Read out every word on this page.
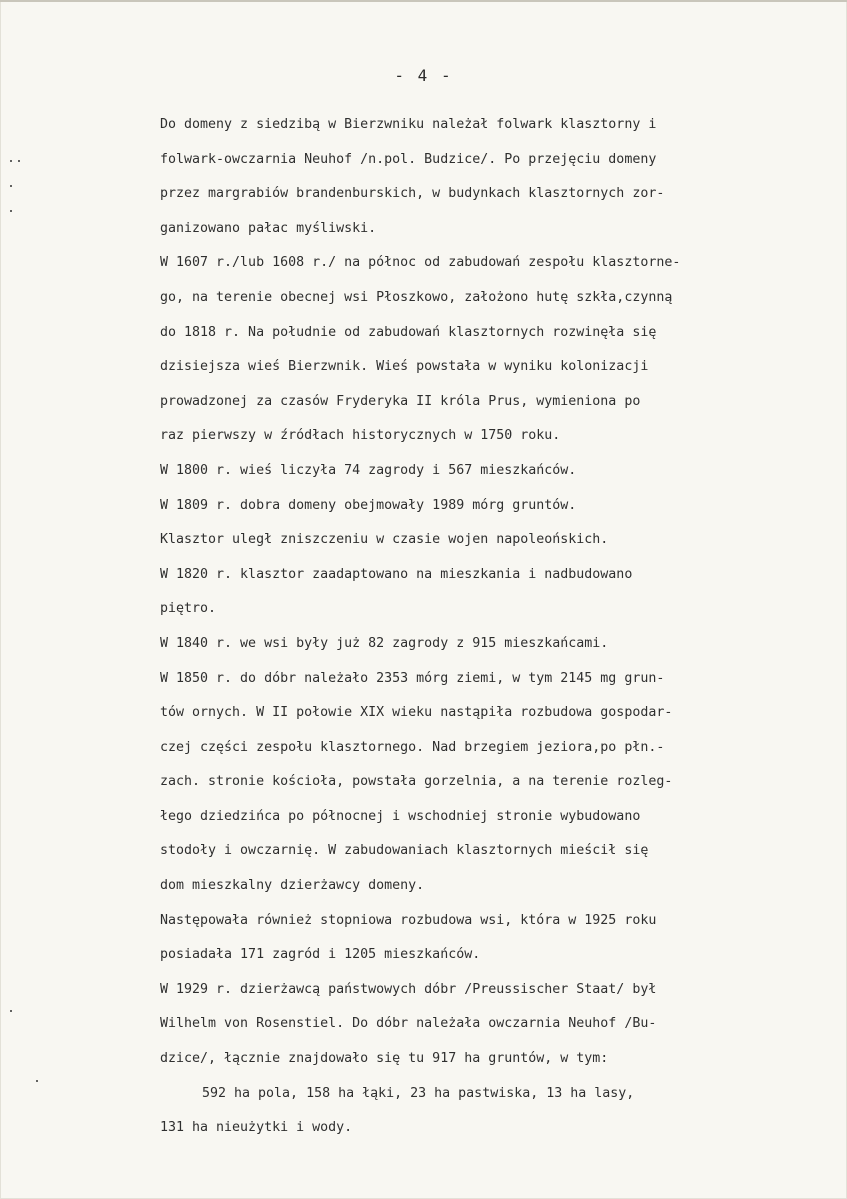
- 4 -
Do domeny z siedzibą w Bierzwniku należał folwark klasztorny i
folwark-owczarnia Neuhof /n.pol. Budzice/. Po przejęciu domeny
przez margrabiów brandenburskich, w budynkach klasztornych zor-
ganizowano pałac myśliwski.
W 1607 r./lub 1608 r./ na północ od zabudowań zespołu klasztorne-
go, na terenie obecnej wsi Płoszkowo, założono hutę szkła,czynną
do 1818 r. Na południe od zabudowań klasztornych rozwinęła się
dzisiejsza wieś Bierzwnik. Wieś powstała w wyniku kolonizacji
prowadzonej za czasów Fryderyka II króla Prus, wymieniona po
raz pierwszy w źródłach historycznych w 1750 roku.
W 1800 r. wieś liczyła 74 zagrody i 567 mieszkańców.
W 1809 r. dobra domeny obejmowały 1989 mórg gruntów.
Klasztor uległ zniszczeniu w czasie wojen napoleońskich.
W 1820 r. klasztor zaadaptowano na mieszkania i nadbudowano
piętro.
W 1840 r. we wsi były już 82 zagrody z 915 mieszkańcami.
W 1850 r. do dóbr należało 2353 mórg ziemi, w tym 2145 mg grun-
tów ornych. W II połowie XIX wieku nastąpiła rozbudowa gospodar-
czej części zespołu klasztornego. Nad brzegiem jeziora,po płn.-
zach. stronie kościoła, powstała gorzelnia, a na terenie rozleg-
łego dziedzińca po północnej i wschodniej stronie wybudowano
stodoły i owczarnię. W zabudowaniach klasztornych mieścił się
dom mieszkalny dzierżawcy domeny.
Następowała również stopniowa rozbudowa wsi, która w 1925 roku
posiadała 171 zagród i 1205 mieszkańców.
W 1929 r. dzierżawcą państwowych dóbr /Preussischer Staat/ był
Wilhelm von Rosenstiel. Do dóbr należała owczarnia Neuhof /Bu-
dzice/, łącznie znajdowało się tu 917 ha gruntów, w tym:
592 ha pola, 158 ha łąki, 23 ha pastwiska, 13 ha lasy,
131 ha nieużytki i wody.
